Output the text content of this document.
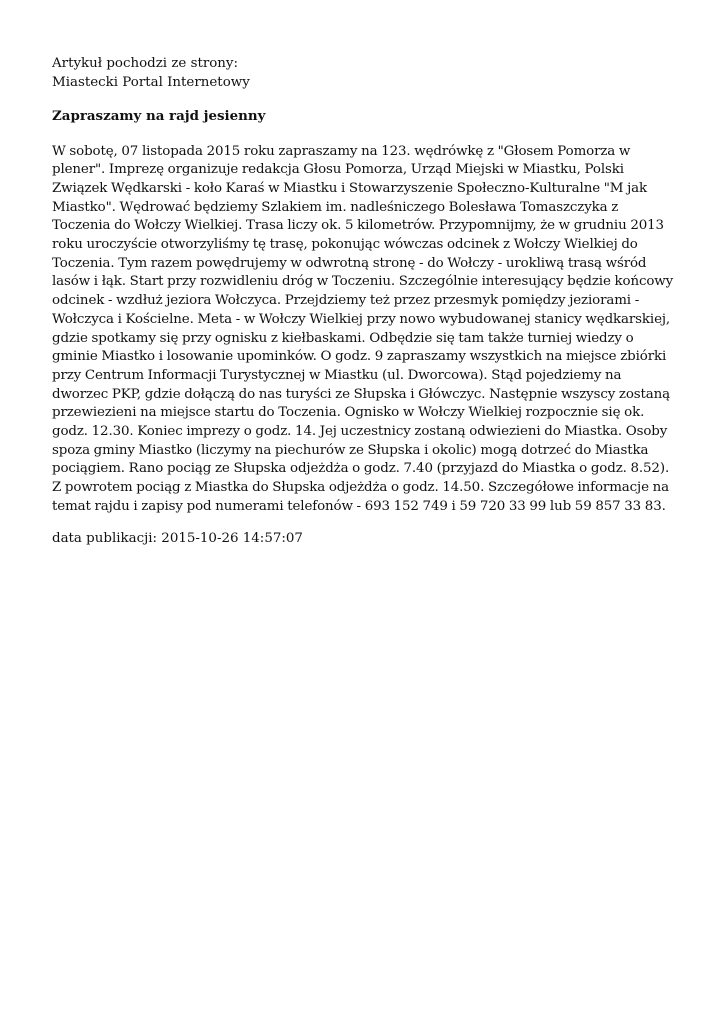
Artykuł pochodzi ze strony:

Miastecki Portal Internetowy

Zapraszamy na rajd jesienny

W sobotę, 07 listopada 2015 roku zapraszamy na 123. wędrówkę z "Głosem Pomorza w plener". Imprezę organizuje redakcja Głosu Pomorza, Urząd Miejski w Miastku, Polski Związek Wędkarski - koło Karaś w Miastku i Stowarzyszenie Społeczno-Kulturalne "M jak Miastko". Wędrować będziemy Szlakiem im. nadleśniczego Bolesława Tomaszczyka z Toczenia do Wołczy Wielkiej. Trasa liczy ok. 5 kilometrów. Przypomnijmy, że w grudniu 2013 roku uroczyście otworzyliśmy tę trasę, pokonując wówczas odcinek z Wołczy Wielkiej do Toczenia. Tym razem powędrujemy w odwrotną stronę - do Wołczy - urokliwą trasą wśród lasów i łąk. Start przy rozwidleniu dróg w Toczeniu. Szczególnie interesujący będzie końcowy odcinek - wzdłuż jeziora Wołczyca. Przejdziemy też przez przesmyk pomiędzy jeziorami - Wołczyca i Kościelne. Meta - w Wołczy Wielkiej przy nowo wybudowanej stanicy wędkarskiej, gdzie spotkamy się przy ognisku z kiełbaskami. Odbędzie się tam także turniej wiedzy o gminie Miastko i losowanie upominków. O godz. 9 zapraszamy wszystkich na miejsce zbiórki przy Centrum Informacji Turystycznej w Miastku (ul. Dworcowa). Stąd pojedziemy na dworzec PKP, gdzie dołączą do nas turyści ze Słupska i Główczyc. Następnie wszyscy zostaną przewiezieni na miejsce startu do Toczenia. Ognisko w Wołczy Wielkiej rozpocznie się ok. godz. 12.30. Koniec imprezy o godz. 14. Jej uczestnicy zostaną odwiezieni do Miastka. Osoby spoza gminy Miastko (liczymy na piechurów ze Słupska i okolic) mogą dotrzeć do Miastka pociągiem. Rano pociąg ze Słupska odjeżdża o godz. 7.40 (przyjazd do Miastka o godz. 8.52). Z powrotem pociąg z Miastka do Słupska odjeżdża o godz. 14.50. Szczegółowe informacje na temat rajdu i zapisy pod numerami telefonów - 693 152 749 i 59 720 33 99 lub 59 857 33 83.

data publikacji: 2015-10-26 14:57:07
